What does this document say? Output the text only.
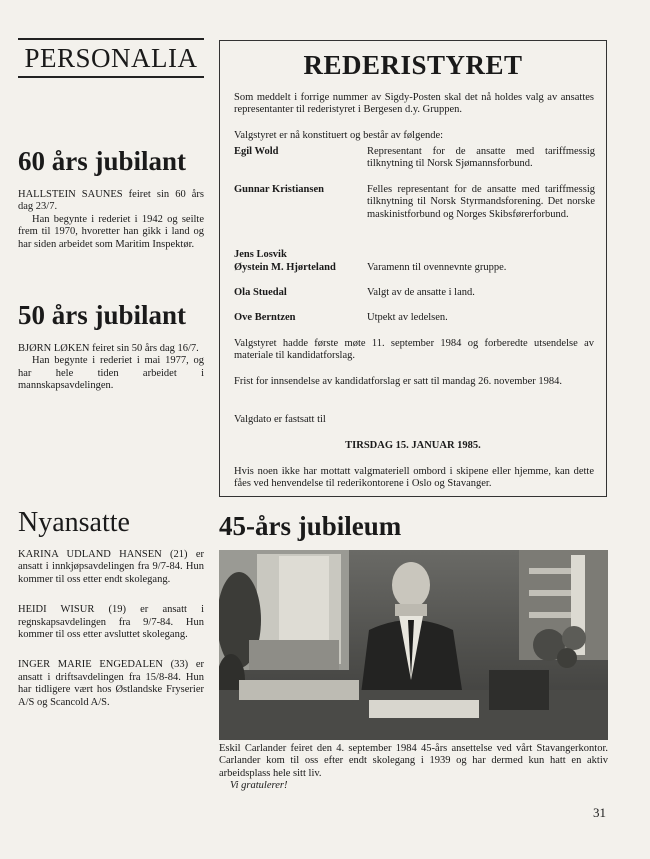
PERSONALIA
60 års jubilant

HALLSTEIN SAUNES feiret sin 60 års dag 23/7.

Han begynte i rederiet i 1942 og seilte frem til 1970, hvoretter han gikk i land og har siden arbeidet som Maritim Inspektør.

50 års jubilant

BJØRN LØKEN feiret sin 50 års dag 16/7.

Han begynte i rederiet i mai 1977, og har hele tiden arbeidet i mannskapsavdelingen.

Nyansatte

KARINA UDLAND HANSEN (21) er ansatt i innkjøpsavdelingen fra 9/7-84. Hun kommer til oss etter endt skolegang.

HEIDI WISUR (19) er ansatt i regnskapsavdelingen fra 9/7-84. Hun kommer til oss etter avsluttet skolegang.

INGER MARIE ENGEDALEN (33) er ansatt i driftsavdelingen fra 15/8-84. Hun har tidligere vært hos Østlandske Fryserier A/S og Scancold A/S.

REDERISTYRET

Som meddelt i forrige nummer av Sigdy-Posten skal det nå holdes valg av ansattes representanter til rederistyret i Bergesen d.y. Gruppen.

Valgstyret er nå konstituert og består av følgende:

Egil Wold	Representant for de ansatte med tariffmessig tilknytning til Norsk Sjømannsforbund.
Gunnar Kristiansen	Felles representant for de ansatte med tariffmessig tilknytning til Norsk Styrmandsforening. Det norske maskinistforbund og Norges Skibsførerforbund.
Jens Losvik
Øystein M. Hjørteland	Varamenn til ovennevnte gruppe.
Ola Stuedal	Valgt av de ansatte i land.
Ove Berntzen	Utpekt av ledelsen.

Valgstyret hadde første møte 11. september 1984 og forberedte utsendelse av materiale til kandidatforslag.

Frist for innsendelse av kandidatforslag er satt til mandag 26. november 1984.

Valgdato er fastsatt til

TIRSDAG 15. JANUAR 1985.

Hvis noen ikke har mottatt valgmateriell ombord i skipene eller hjemme, kan dette fåes ved henvendelse til rederikontorene i Oslo og Stavanger.

45-års jubileum

Eskil Carlander feiret den 4. september 1984 45-års ansettelse ved vårt Stavangerkontor. Carlander kom til oss efter endt skolegang i 1939 og har dermed kun hatt en aktiv arbeidsplass hele sitt liv.

Vi gratulerer!
31
